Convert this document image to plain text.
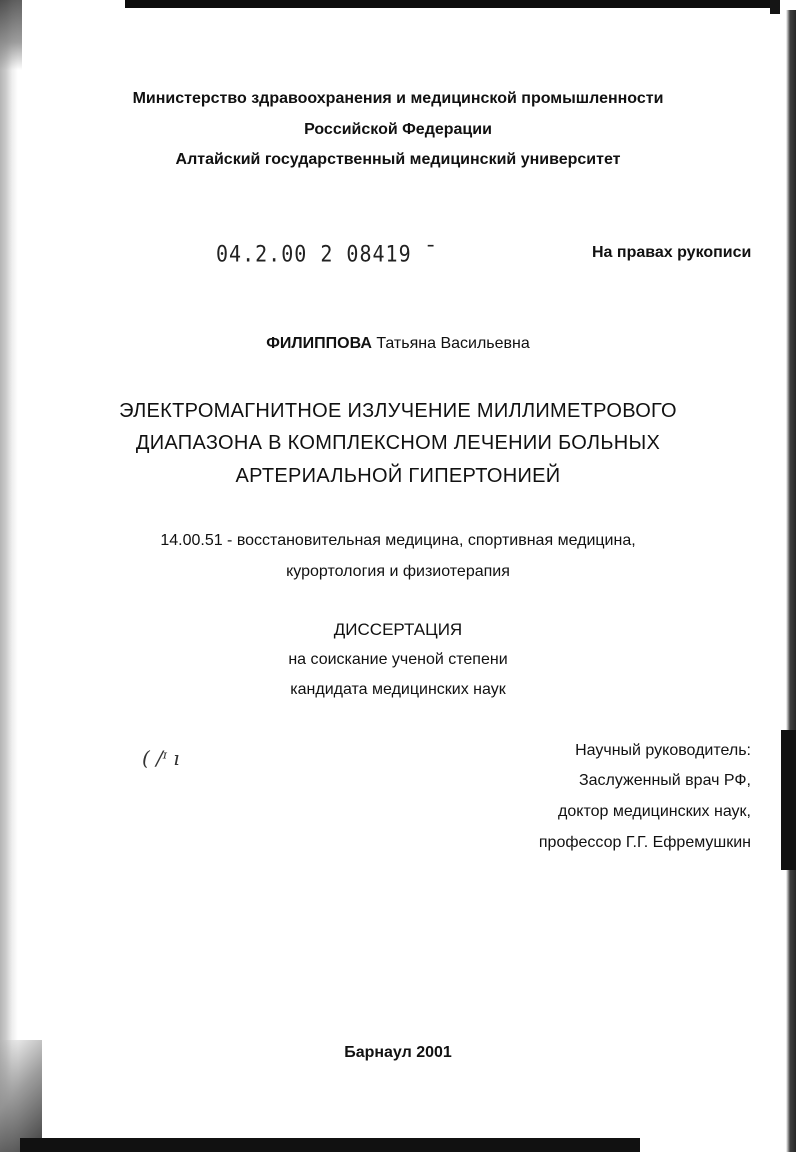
Министерство здравоохранения и медицинской промышленности
Российской Федерации
Алтайский государственный медицинский университет
04.2.00 2 08419 ¯	На правах рукописи
ФИЛИППОВА Татьяна Васильевна
ЭЛЕКТРОМАГНИТНОЕ ИЗЛУЧЕНИЕ МИЛЛИМЕТРОВОГО
ДИАПАЗОНА В КОМПЛЕКСНОМ ЛЕЧЕНИИ БОЛЬНЫХ
АРТЕРИАЛЬНОЙ ГИПЕРТОНИЕЙ
14.00.51 - восстановительная медицина, спортивная медицина,
курортология и физиотерапия
ДИССЕРТАЦИЯ
на соискание ученой степени
кандидата медицинских наук
( /ᶦ ı	Научный руководитель:
Заслуженный врач РФ,
доктор медицинских наук,
профессор Г.Г. Ефремушкин
Барнаул 2001
